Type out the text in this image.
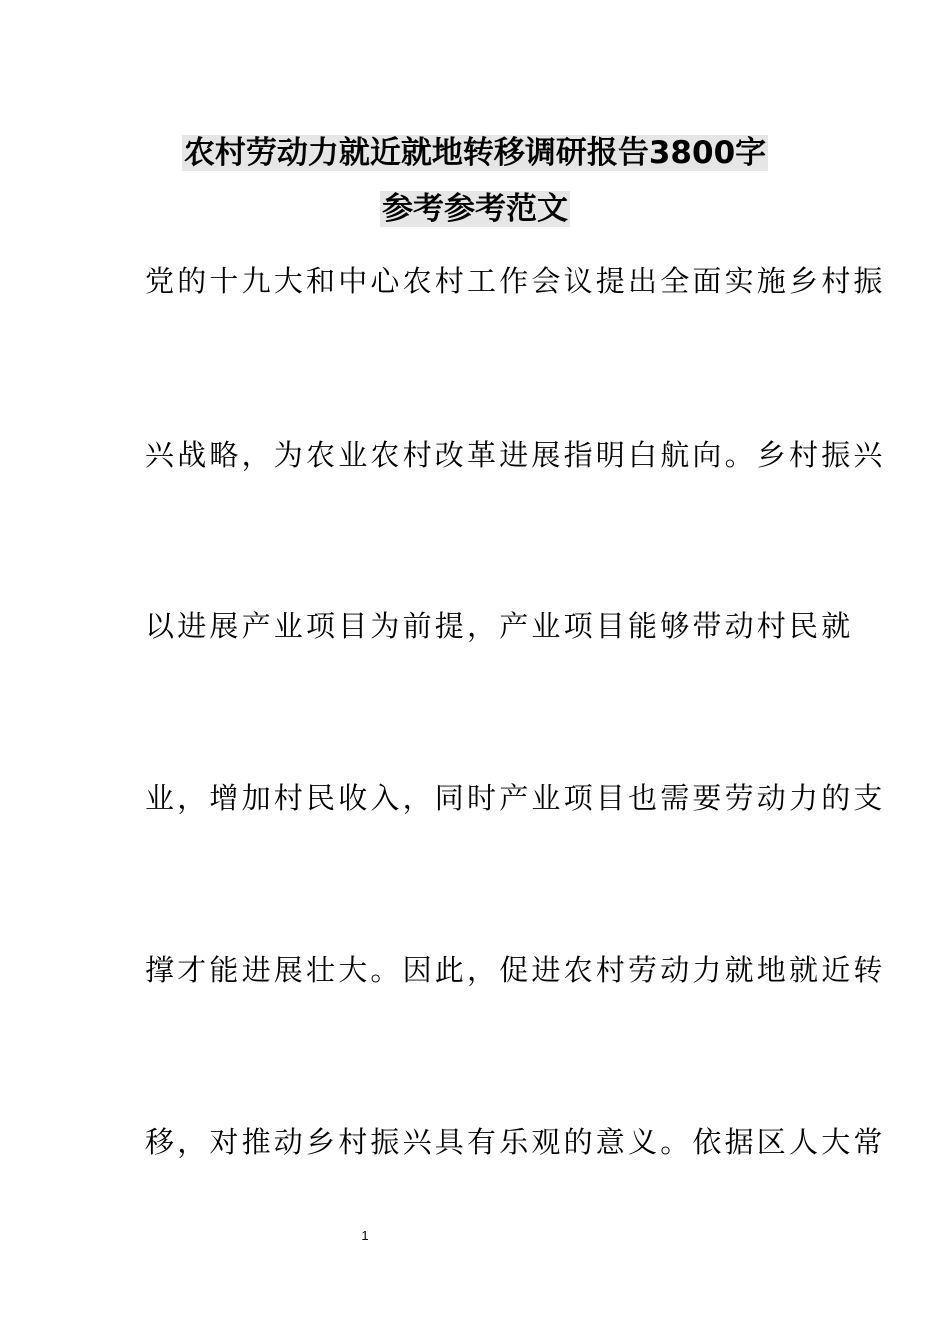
农村劳动力就近就地转移调研报告3800字
参考参考范文
党的十九大和中心农村工作会议提出全面实施乡村振
兴战略，为农业农村改革进展指明白航向。乡村振兴
以进展产业项目为前提，产业项目能够带动村民就
业，增加村民收入，同时产业项目也需要劳动力的支
撑才能进展壮大。因此，促进农村劳动力就地就近转
移，对推动乡村振兴具有乐观的意义。依据区人大常
1
